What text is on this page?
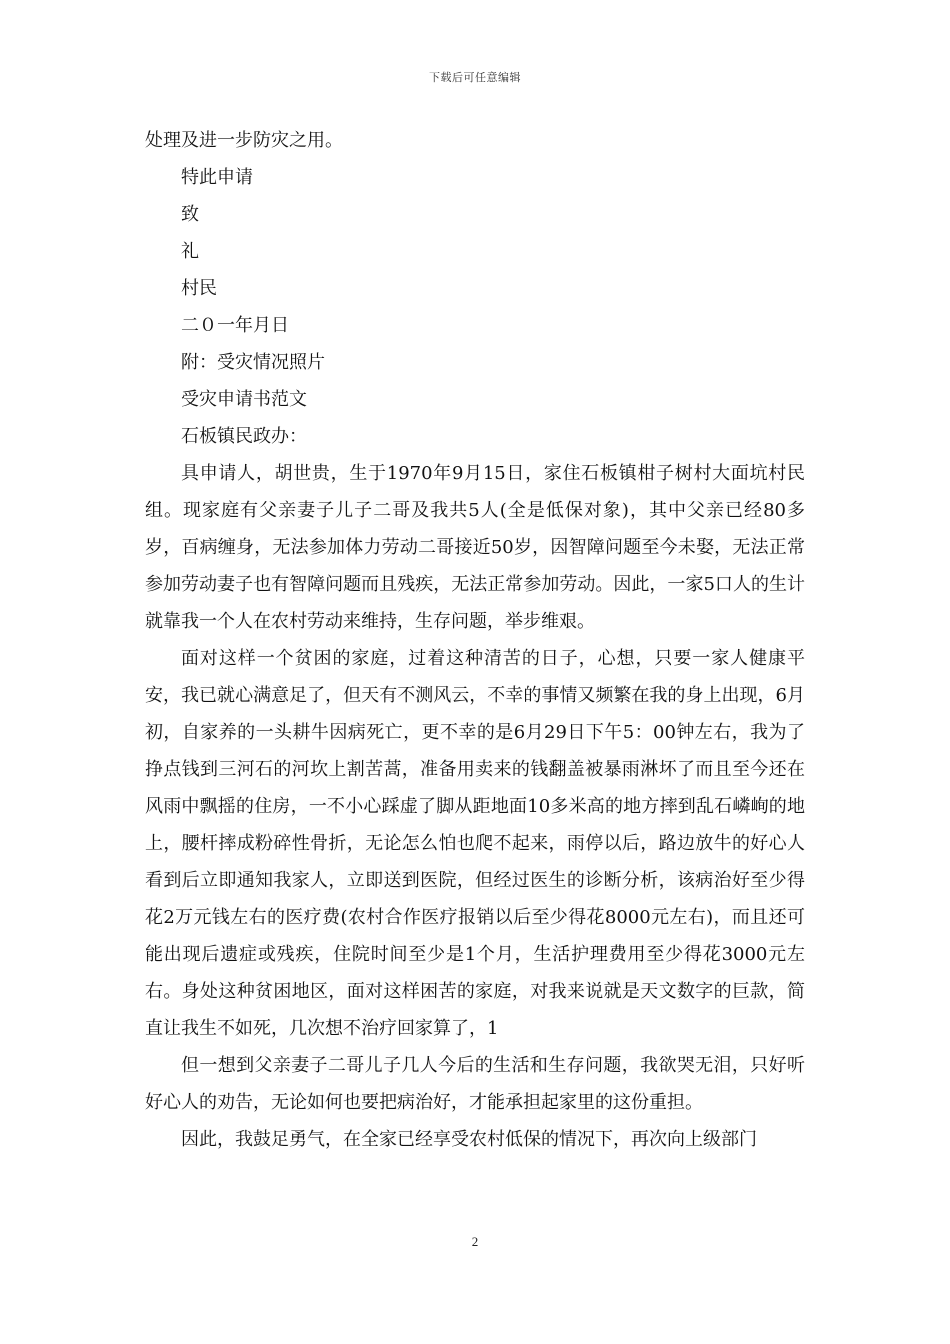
下载后可任意编辑

处理及进一步防灾之用。

特此申请

致

礼

村民

二０一年月日

附：受灾情况照片

受灾申请书范文

石板镇民政办：

具申请人，胡世贵，生于1970年9月15日，家住石板镇柑子树村大面坑村民组。现家庭有父亲妻子儿子二哥及我共5人(全是低保对象)，其中父亲已经80多岁，百病缠身，无法参加体力劳动二哥接近50岁，因智障问题至今未娶，无法正常参加劳动妻子也有智障问题而且残疾，无法正常参加劳动。因此，一家5口人的生计就靠我一个人在农村劳动来维持，生存问题，举步维艰。

面对这样一个贫困的家庭，过着这种清苦的日子，心想，只要一家人健康平安，我已就心满意足了，但天有不测风云，不幸的事情又频繁在我的身上出现，6月初，自家养的一头耕牛因病死亡，更不幸的是6月29日下午5：00钟左右，我为了挣点钱到三河石的河坎上割苦蒿，准备用卖来的钱翻盖被暴雨淋坏了而且至今还在风雨中飘摇的住房，一不小心踩虚了脚从距地面10多米高的地方摔到乱石嶙峋的地上，腰杆摔成粉碎性骨折，无论怎么怕也爬不起来，雨停以后，路边放牛的好心人看到后立即通知我家人，立即送到医院，但经过医生的诊断分析，该病治好至少得花2万元钱左右的医疗费(农村合作医疗报销以后至少得花8000元左右)，而且还可能出现后遗症或残疾，住院时间至少是1个月，生活护理费用至少得花3000元左右。身处这种贫困地区，面对这样困苦的家庭，对我来说就是天文数字的巨款，简直让我生不如死，几次想不治疗回家算了，1

但一想到父亲妻子二哥儿子几人今后的生活和生存问题，我欲哭无泪，只好听好心人的劝告，无论如何也要把病治好，才能承担起家里的这份重担。

因此，我鼓足勇气，在全家已经享受农村低保的情况下，再次向上级部门

2
